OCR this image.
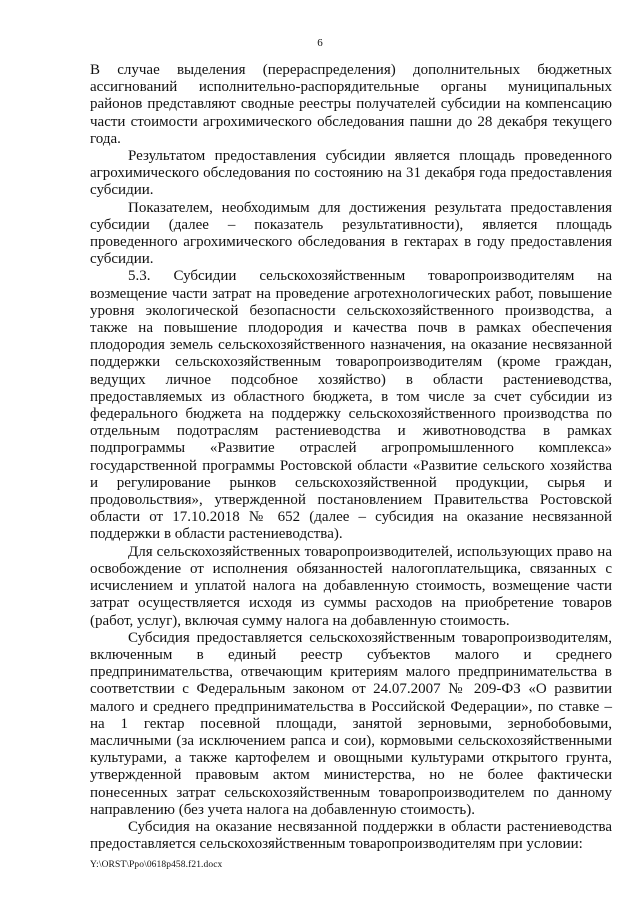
6

В случае выделения (перераспределения) дополнительных бюджетных ассигнований исполнительно-распорядительные органы муниципальных районов представляют сводные реестры получателей субсидии на компенсацию части стоимости агрохимического обследования пашни до 28 декабря текущего года.

Результатом предоставления субсидии является площадь проведенного агрохимического обследования по состоянию на 31 декабря года предоставления субсидии.

Показателем, необходимым для достижения результата предоставления субсидии (далее – показатель результативности), является площадь проведенного агрохимического обследования в гектарах в году предоставления субсидии.

5.3. Субсидии сельскохозяйственным товаропроизводителям на возмещение части затрат на проведение агротехнологических работ, повышение уровня экологической безопасности сельскохозяйственного производства, а также на повышение плодородия и качества почв в рамках обеспечения плодородия земель сельскохозяйственного назначения, на оказание несвязанной поддержки сельскохозяйственным товаропроизводителям (кроме граждан, ведущих личное подсобное хозяйство) в области растениеводства, предоставляемых из областного бюджета, в том числе за счет субсидии из федерального бюджета на поддержку сельскохозяйственного производства по отдельным подотраслям растениеводства и животноводства в рамках подпрограммы «Развитие отраслей агропромышленного комплекса» государственной программы Ростовской области «Развитие сельского хозяйства и регулирование рынков сельскохозяйственной продукции, сырья и продовольствия», утвержденной постановлением Правительства Ростовской области от 17.10.2018 № 652 (далее – субсидия на оказание несвязанной поддержки в области растениеводства).

Для сельскохозяйственных товаропроизводителей, использующих право на освобождение от исполнения обязанностей налогоплательщика, связанных с исчислением и уплатой налога на добавленную стоимость, возмещение части затрат осуществляется исходя из суммы расходов на приобретение товаров (работ, услуг), включая сумму налога на добавленную стоимость.

Субсидия предоставляется сельскохозяйственным товаропроизводителям, включенным в единый реестр субъектов малого и среднего предпринимательства, отвечающим критериям малого предпринимательства в соответствии с Федеральным законом от 24.07.2007 № 209-ФЗ «О развитии малого и среднего предпринимательства в Российской Федерации», по ставке – на 1 гектар посевной площади, занятой зерновыми, зернобобовыми, масличными (за исключением рапса и сои), кормовыми сельскохозяйственными культурами, а также картофелем и овощными культурами открытого грунта, утвержденной правовым актом министерства, но не более фактически понесенных затрат сельскохозяйственным товаропроизводителем по данному направлению (без учета налога на добавленную стоимость).

Субсидия на оказание несвязанной поддержки в области растениеводства предоставляется сельскохозяйственным товаропроизводителям при условии:

Y:\ORST\Ppo\0618p458.f21.docx
